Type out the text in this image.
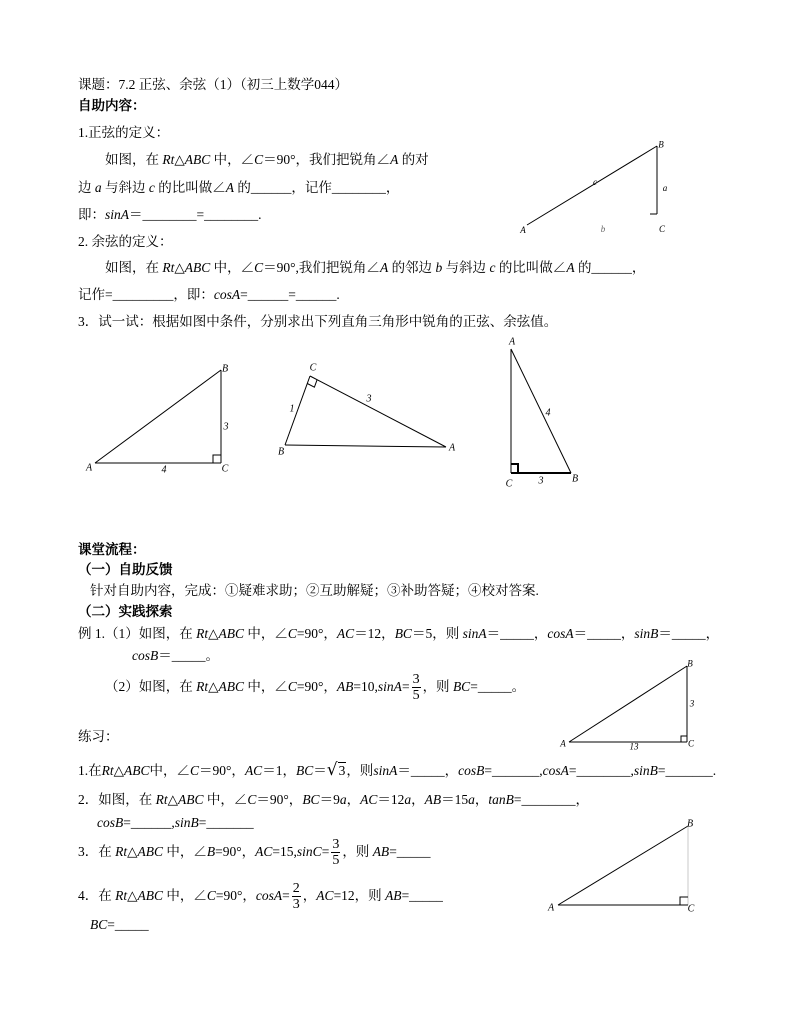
课题：7.2 正弦、余弦（1）（初三上数学044）
自助内容：
1.正弦的定义：
如图，在 Rt△ABC 中，∠C＝90°，我们把锐角∠A 的对
边 a 与斜边 c 的比叫做∠A 的______，记作________，
即：sinA＝________=________.
2. 余弦的定义：
如图，在 Rt△ABC 中，∠C＝90°,我们把锐角∠A 的邻边 b 与斜边 c 的比叫做∠A 的______，
记作=_________，即：cosA=______=______.
3．试一试：根据如图中条件，分别求出下列直角三角形中锐角的正弦、余弦值。
课堂流程：
（一）自助反馈
针对自助内容，完成：①疑难求助；②互助解疑；③补助答疑；④校对答案.
（二）实践探索
例 1.（1）如图，在 Rt△ABC 中，∠C=90°，AC＝12，BC＝5，则 sinA＝_____，cosA＝_____，sinB＝_____，
cosB＝_____。
（2）如图，在 Rt△ABC 中，∠C=90°，$AB=10,\sin A= \frac{3}{5}$ ，则 BC=_____。
练习：
1.在Rt△ABC中，∠C＝90°，AC＝1，BC＝√3，则sinA＝_____，cosB=_______,cosA=________,sinB=_______.
2．如图，在 Rt△ABC 中，∠C＝90°，BC＝9a，AC＝12a，AB＝15a，tanB=________，
cosB=______,sinB=_______
3．在 Rt△ABC 中，∠B=90°，$AC=15,\sin C= \frac{3}{5}$ ，则 AB=_____
4．在 Rt△ABC 中，∠C=90°，$\cos A= \frac{2}{3}$ ，AC=12，则 AB=_____
BC=_____
B
a
c
b
A	C
B
3
4
A	C
C
1
3
B	A
A
4
C	3	B
B
3
A	13	C
B
A	C
